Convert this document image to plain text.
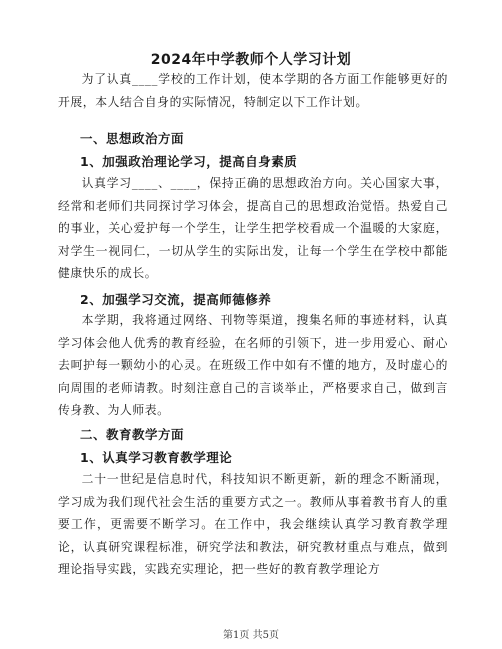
2024年中学教师个人学习计划
为了认真____学校的工作计划，使本学期的各方面工作能够更好的开展，本人结合自身的实际情况，特制定以下工作计划。
一、思想政治方面
1、加强政治理论学习，提高自身素质
认真学习____、____，保持正确的思想政治方向。关心国家大事，经常和老师们共同探讨学习体会，提高自己的思想政治觉悟。热爱自己的事业，关心爱护每一个学生，让学生把学校看成一个温暖的大家庭，对学生一视同仁，一切从学生的实际出发，让每一个学生在学校中都能健康快乐的成长。
2、加强学习交流，提高师德修养
本学期，我将通过网络、刊物等渠道，搜集名师的事迹材料，认真学习体会他人优秀的教育经验，在名师的引领下，进一步用爱心、耐心去呵护每一颗幼小的心灵。在班级工作中如有不懂的地方，及时虚心的向周围的老师请教。时刻注意自己的言谈举止，严格要求自己，做到言传身教、为人师表。
二、教育教学方面
1、认真学习教育教学理论
二十一世纪是信息时代，科技知识不断更新，新的理念不断涌现，学习成为我们现代社会生活的重要方式之一。教师从事着教书育人的重要工作，更需要不断学习。在工作中，我会继续认真学习教育教学理论，认真研究课程标准，研究学法和教法，研究教材重点与难点，做到理论指导实践，实践充实理论，把一些好的教育教学理论方
第1页 共5页
